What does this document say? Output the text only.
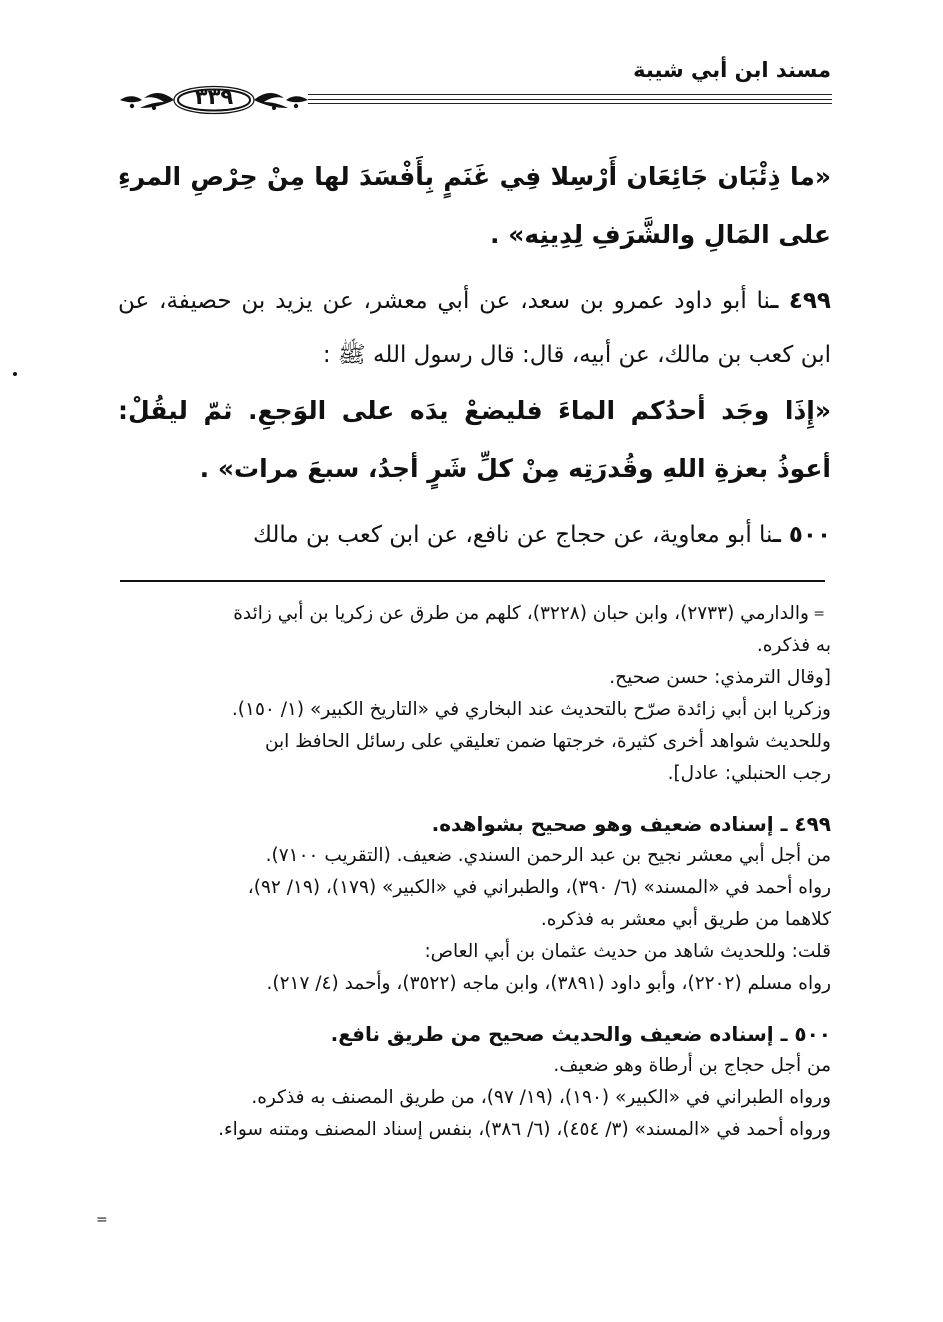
مسند ابن أبي شيبة
٣٣٩

«ما ذِئْبَان جَائِعَان أَرْسِلا فِي غَنَمٍ بِأَفْسَدَ لها مِنْ حِرْصِ المرءِ على المَالِ والشَّرَفِ لِدِينِه» .

٤٩٩ ـنا أبو داود عمرو بن سعد، عن أبي معشر، عن يزيد بن حصيفة، عن ابن كعب بن مالك، عن أبيه، قال: قال رسول الله ﷺ :

«إِذَا وجَد أحدُكم الماءَ فليضعْ يدَه على الوَجعِ. ثمّ ليقُلْ: أعوذُ بعزةِ اللهِ وقُدرَتِه مِنْ كلِّ شَرٍ أجدُ، سبعَ مرات» .

٥٠٠ ـنا أبو معاوية، عن حجاج عن نافع، عن ابن كعب بن مالك

=

والدارمي (٢٧٣٣)، وابن حبان (٣٢٢٨)، كلهم من طرق عن زكريا بن أبي زائدة

به فذكره.

[وقال الترمذي: حسن صحيح.

وزكريا ابن أبي زائدة صرّح بالتحديث عند البخاري في «التاريخ الكبير» (١/ ١٥٠).

وللحديث شواهد أخرى كثيرة، خرجتها ضمن تعليقي على رسائل الحافظ ابن

رجب الحنبلي: عادل].

٤٩٩ ـ إسناده ضعيف وهو صحيح بشواهده.

من أجل أبي معشر نجيح بن عبد الرحمن السندي. ضعيف. (التقريب ٧١٠٠).

رواه أحمد في «المسند» (٦/ ٣٩٠)، والطبراني في «الكبير» (١٧٩)، (١٩/ ٩٢)،

كلاهما من طريق أبي معشر به فذكره.

قلت: وللحديث شاهد من حديث عثمان بن أبي العاص:

رواه مسلم (٢٢٠٢)، وأبو داود (٣٨٩١)، وابن ماجه (٣٥٢٢)، وأحمد (٤/ ٢١٧).

٥٠٠ ـ إسناده ضعيف والحديث صحيح من طريق نافع.

من أجل حجاج بن أرطاة وهو ضعيف.

ورواه الطبراني في «الكبير» (١٩٠)، (١٩/ ٩٧)، من طريق المصنف به فذكره.

ورواه أحمد في «المسند» (٣/ ٤٥٤)، (٦/ ٣٨٦)، بنفس إسناد المصنف ومتنه سواء.

=
